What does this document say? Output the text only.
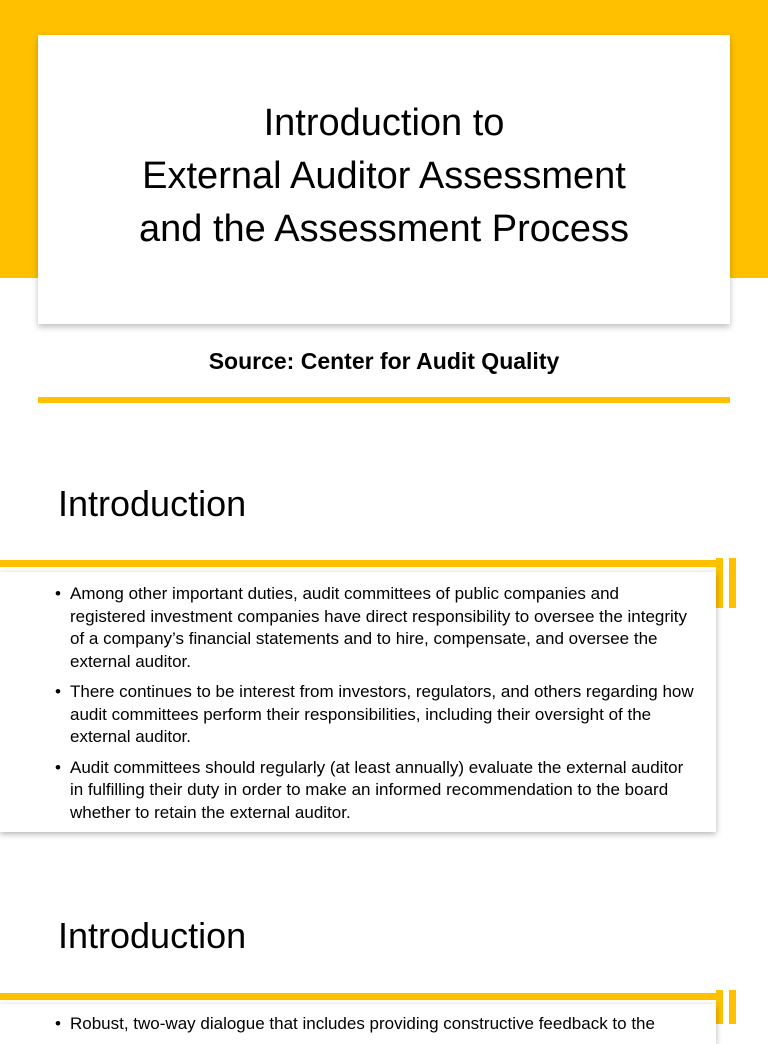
Introduction to
External Auditor Assessment
and the Assessment Process
Source: Center for Audit Quality
Introduction
• Among other important duties, audit committees of public companies and registered investment companies have direct responsibility to oversee the integrity of a company’s financial statements and to hire, compensate, and oversee the external auditor.
• There continues to be interest from investors, regulators, and others regarding how audit committees perform their responsibilities, including their oversight of the external auditor.
• Audit committees should regularly (at least annually) evaluate the external auditor in fulfilling their duty in order to make an informed recommendation to the board whether to retain the external auditor.
Introduction
• Robust, two-way dialogue that includes providing constructive feedback to the
